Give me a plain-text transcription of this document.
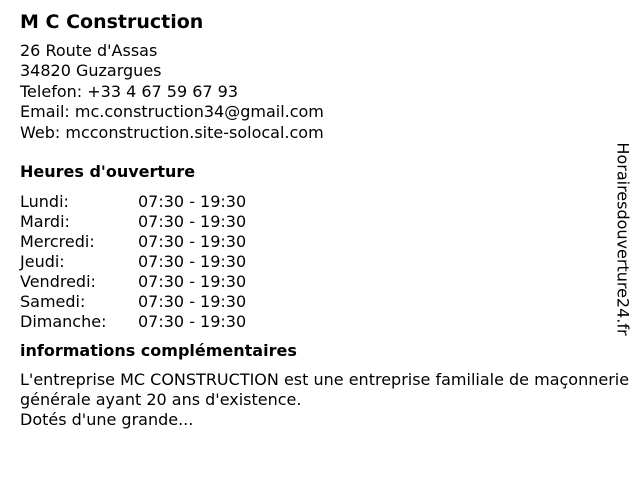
M C Construction
26 Route d'Assas
34820 Guzargues
Telefon: +33 4 67 59 67 93
Email: mc.construction34@gmail.com
Web: mcconstruction.site-solocal.com
Heures d'ouverture
Lundi:	07:30 - 19:30
Mardi:	07:30 - 19:30
Mercredi:	07:30 - 19:30
Jeudi:	07:30 - 19:30
Vendredi:	07:30 - 19:30
Samedi:	07:30 - 19:30
Dimanche:	07:30 - 19:30
informations complémentaires
L'entreprise MC CONSTRUCTION est une entreprise familiale de maçonnerie générale ayant 20 ans d'existence.
Dotés d'une grande...
Horairesdouverture24.fr
